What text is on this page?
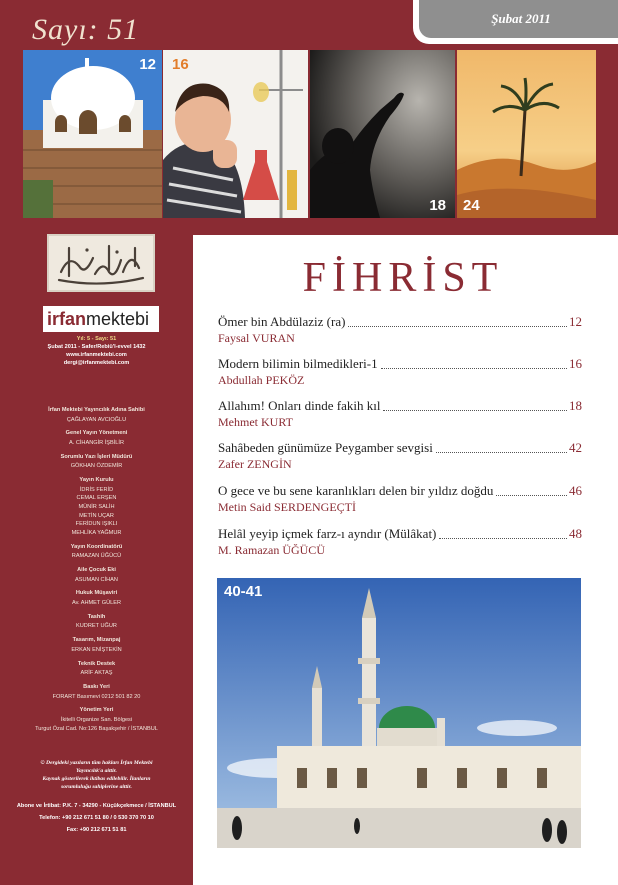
Sayı: 51	Şubat 2011
12 16
18 24
irfanmektebi
Yıl: 5 - Sayı: 51
Şubat 2011 - Safer/Rebiü'l-evvel 1432
www.irfanmektebi.com
dergi@irfanmektebi.com
© Dergideki yazıların tüm hakları İrfan Mektebi
Yayıncılık'a aittir.
Kaynak gösterilerek iktibas edilebilir. İlanların
sorumluluğu sahiplerine aittir.
Abone ve İrtibat: P.K. 7 - 34290 - Küçükçekmece / İSTANBUL
Telefon: +90 212 671 51 80 / 0 530 370 70 10
Fax: +90 212 671 51 81
FİHRİST
Ömer bin Abdülaziz (ra)	12
Faysal VURAN
Modern bilimin bilmedikleri-1	16
Abdullah PEKÖZ
Allahım! Onları dinde fakih kıl	18
Mehmet KURT
Sahâbeden günümüze Peygamber sevgisi	42
Zafer ZENGİN
O gece ve bu sene karanlıkları delen bir yıldız doğdu	46
Metin Said SERDENGEÇTİ
Helâl yeyip içmek farz-ı ayndır (Mülâkat)	48
M. Ramazan ÜĞÜCÜ
40-41
İrfan Mektebi Yayıncılık Adına Sahibi
ÇAĞLAYAN AVCIOĞLU
Genel Yayın Yönetmeni
A. CİHANGİR İŞBİLİR
Sorumlu Yazı İşleri Müdürü
GÖKHAN ÖZDEMİR
Yayın Kurulu
İDRİS FERİD
CEMAL ERŞEN
MÜNİR SALİH
METİN UÇAR
FERİDUN IŞIKLI
MEHLİKA YAĞMUR
Yayın Koordinatörü
RAMAZAN ÜĞÜCÜ
Aile Çocuk Eki
ASUMAN CİHAN
Hukuk Müşaviri
Av. AHMET GÜLER
Tashih
KUDRET UĞUR
Tasarım, Mizanpaj
ERKAN ENİŞTEKİN
Teknik Destek
ARİF AKTAŞ
Baskı Yeri
FORART Basımevi 0212 501 82 20
Yönetim Yeri
İkitelli Organize San. Bölgesi
Turgut Özal Cad. No:126 Başakşehir / İSTANBUL
